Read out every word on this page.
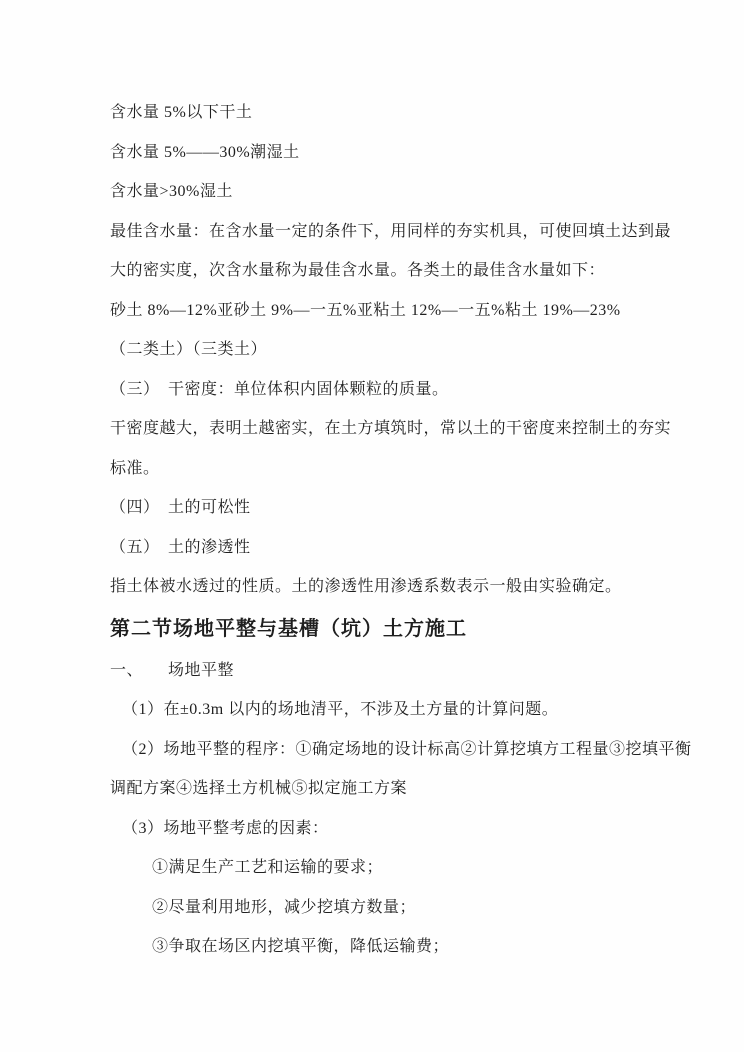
含水量 5%以下干土
含水量 5%——30%潮湿土
含水量>30%湿土
最佳含水量：在含水量一定的条件下，用同样的夯实机具，可使回填土达到最
大的密实度，次含水量称为最佳含水量。各类土的最佳含水量如下：
砂土 8%—12%亚砂土 9%—一五%亚粘土 12%—一五%粘土 19%—23%
（二类土）（三类土）
（三）　干密度：单位体积内固体颗粒的质量。
干密度越大，表明土越密实，在土方填筑时，常以土的干密度来控制土的夯实
标准。
（四）　土的可松性
（五）　土的渗透性
指土体被水透过的性质。土的渗透性用渗透系数表示一般由实验确定。
第二节场地平整与基槽（坑）土方施工
一、　　场地平整
（1）在±0.3m 以内的场地清平，不涉及土方量的计算问题。
（2）场地平整的程序：①确定场地的设计标高②计算挖填方工程量③挖填平衡
调配方案④选择土方机械⑤拟定施工方案
（3）场地平整考虑的因素：
①满足生产工艺和运输的要求；
②尽量利用地形，减少挖填方数量；
③争取在场区内挖填平衡，降低运输费；
